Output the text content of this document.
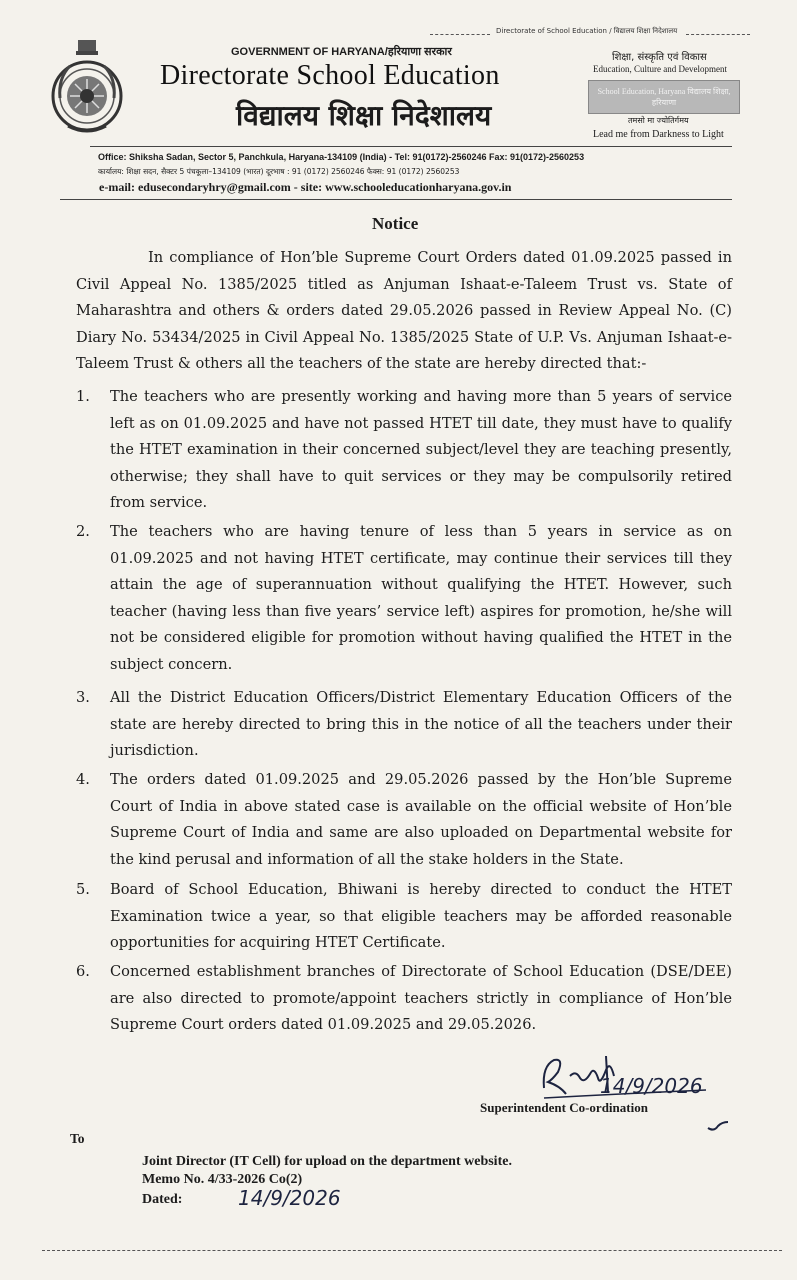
Directorate of School Education / विद्यालय शिक्षा निदेशालय
GOVERNMENT OF HARYANA/हरियाणा सरकार
Directorate School Education
विद्यालय शिक्षा निदेशालय
शिक्षा, संस्कृति एवं विकास
Education, Culture and Development
School Education, Haryana विद्यालय शिक्षा, हरियाणा
तमसो मा ज्योतिर्गमय
Lead me from Darkness to Light
Office: Shiksha Sadan, Sector 5, Panchkula, Haryana-134109 (India) - Tel: 91(0172)-2560246 Fax: 91(0172)-2560253
कार्यालय: शिक्षा सदन, सैक्टर 5 पंचकूला–134109 (भारत) दूरभाष : 91 (0172) 2560246 फैक्स: 91 (0172) 2560253
e-mail: edusecondaryhry@gmail.com - site: www.schooleducationharyana.gov.in
Notice
In compliance of Hon’ble Supreme Court Orders dated 01.09.2025 passed in Civil Appeal No. 1385/2025 titled as Anjuman Ishaat-e-Taleem Trust vs. State of Maharashtra and others & orders dated 29.05.2026 passed in Review Appeal No. (C) Diary No. 53434/2025 in Civil Appeal No. 1385/2025 State of U.P. Vs. Anjuman Ishaat-e-Taleem Trust & others all the teachers of the state are hereby directed that:-
1. The teachers who are presently working and having more than 5 years of service left as on 01.09.2025 and have not passed HTET till date, they must have to qualify the HTET examination in their concerned subject/level they are teaching presently, otherwise; they shall have to quit services or they may be compulsorily retired from service.
2. The teachers who are having tenure of less than 5 years in service as on 01.09.2025 and not having HTET certificate, may continue their services till they attain the age of superannuation without qualifying the HTET. However, such teacher (having less than five years’ service left) aspires for promotion, he/she will not be considered eligible for promotion without having qualified the HTET in the subject concern.
3. All the District Education Officers/District Elementary Education Officers of the state are hereby directed to bring this in the notice of all the teachers under their jurisdiction.
4. The orders dated 01.09.2025 and 29.05.2026 passed by the Hon’ble Supreme Court of India in above stated case is available on the official website of Hon’ble Supreme Court of India and same are also uploaded on Departmental website for the kind perusal and information of all the stake holders in the State.
5. Board of School Education, Bhiwani is hereby directed to conduct the HTET Examination twice a year, so that eligible teachers may be afforded reasonable opportunities for acquiring HTET Certificate.
6. Concerned establishment branches of Directorate of School Education (DSE/DEE) are also directed to promote/appoint teachers strictly in compliance of Hon’ble Supreme Court orders dated 01.09.2025 and 29.05.2026.
14/9/2026
Superintendent Co-ordination
To
Joint Director (IT Cell) for upload on the department website.
Memo No. 4/33-2026 Co(2)
Dated:	14/9/2026
